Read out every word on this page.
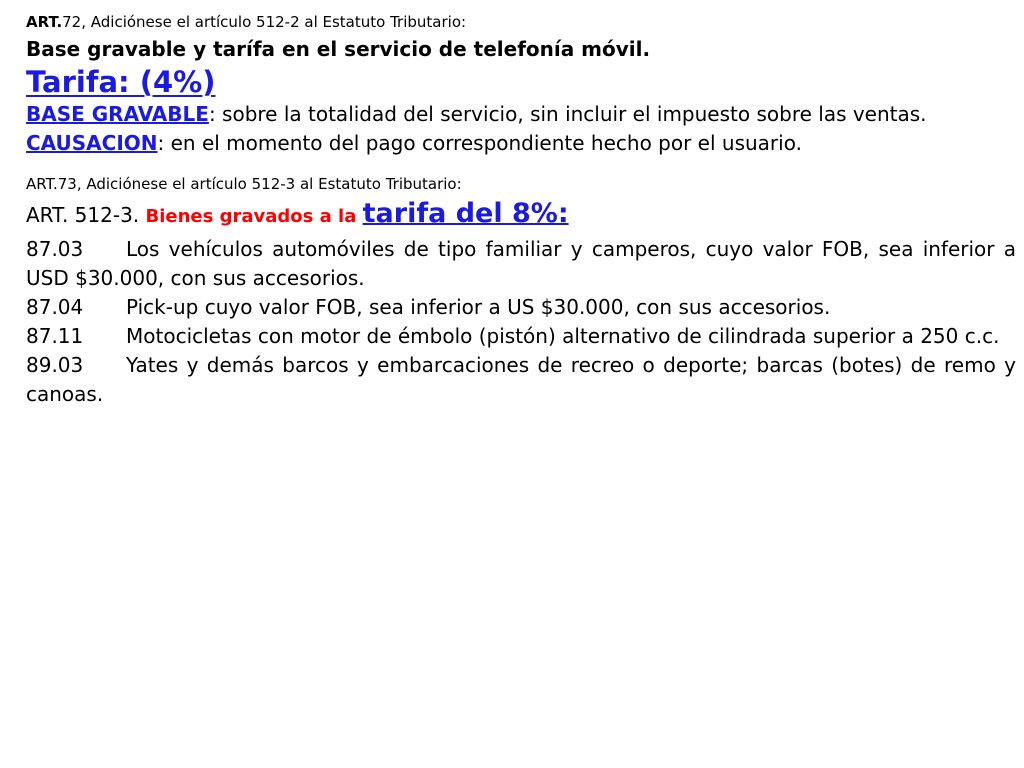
ART.72, Adiciónese el artículo 512-2 al Estatuto Tributario:
Base gravable y tarífa en el servicio de telefonía móvil.
Tarifa: (4%)
BASE GRAVABLE: sobre la totalidad del servicio, sin incluir el impuesto sobre las ventas.
CAUSACION: en el momento del pago correspondiente hecho por el usuario.
ART.73, Adiciónese el artículo 512-3 al Estatuto Tributario:
ART. 512-3. Bienes gravados a la tarifa del 8%:
87.03 Los vehículos automóviles de tipo familiar y camperos, cuyo valor FOB, sea inferior a USD $30.000, con sus accesorios.
87.04 Pick-up cuyo valor FOB, sea inferior a US $30.000, con sus accesorios.
87.11 Motocicletas con motor de émbolo (pistón) alternativo de cilindrada superior a 250 c.c.
89.03 Yates y demás barcos y embarcaciones de recreo o deporte; barcas (botes) de remo y canoas.
